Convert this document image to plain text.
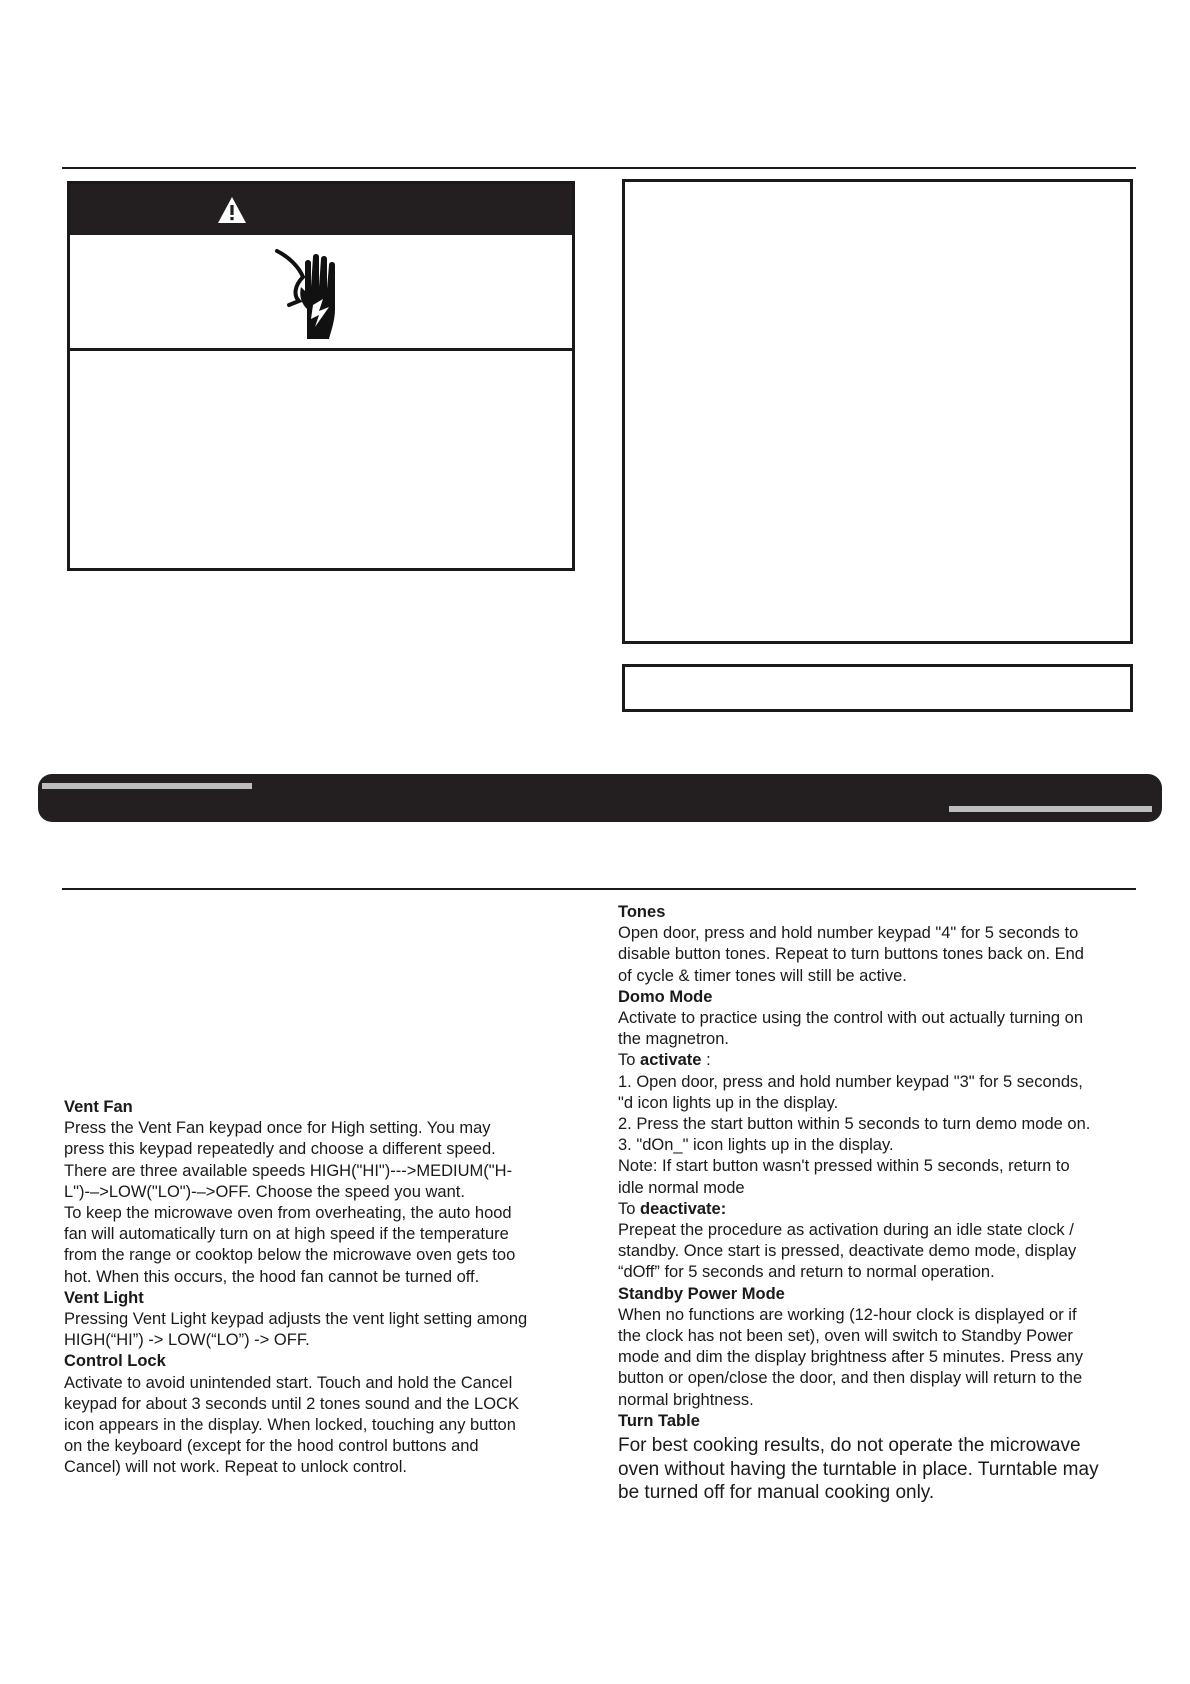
Vent Fan
Press the Vent Fan keypad once for High setting. You may
press this keypad repeatedly and choose a different speed.
There are three available speeds HIGH("HI")--->MEDIUM("H-
L")-–>LOW("LO")-–>OFF. Choose the speed you want.
To keep the microwave oven from overheating, the auto hood
fan will automatically turn on at high speed if the temperature
from the range or cooktop below the microwave oven gets too
hot. When this occurs, the hood fan cannot be turned off.
Vent Light
Pressing Vent Light keypad adjusts the vent light setting among
HIGH(“HI”) -> LOW(“LO”) -> OFF.
Control Lock
Activate to avoid unintended start. Touch and hold the Cancel
keypad for about 3 seconds until 2 tones sound and the LOCK
icon appears in the display. When locked, touching any button
on the keyboard (except for the hood control buttons and
Cancel) will not work. Repeat to unlock control.
Tones
Open door, press and hold number keypad "4" for 5 seconds to
disable button tones. Repeat to turn buttons tones back on. End
of cycle & timer tones will still be active.
Domo Mode
Activate to practice using the control with out actually turning on
the magnetron.
To activate :
1. Open door, press and hold number keypad "3" for 5 seconds,
"d icon lights up in the display.
2. Press the start button within 5 seconds to turn demo mode on.
3. "dOn_" icon lights up in the display.
Note: If start button wasn't pressed within 5 seconds, return to
idle normal mode
To deactivate:
Prepeat the procedure as activation during an idle state clock /
standby. Once start is pressed, deactivate demo mode, display
“dOff” for 5 seconds and return to normal operation.
Standby Power Mode
When no functions are working (12-hour clock is displayed or if
the clock has not been set), oven will switch to Standby Power
mode and dim the display brightness after 5 minutes. Press any
button or open/close the door, and then display will return to the
normal brightness.
Turn Table
For best cooking results, do not operate the microwave
oven without having the turntable in place. Turntable may
be turned off for manual cooking only.
